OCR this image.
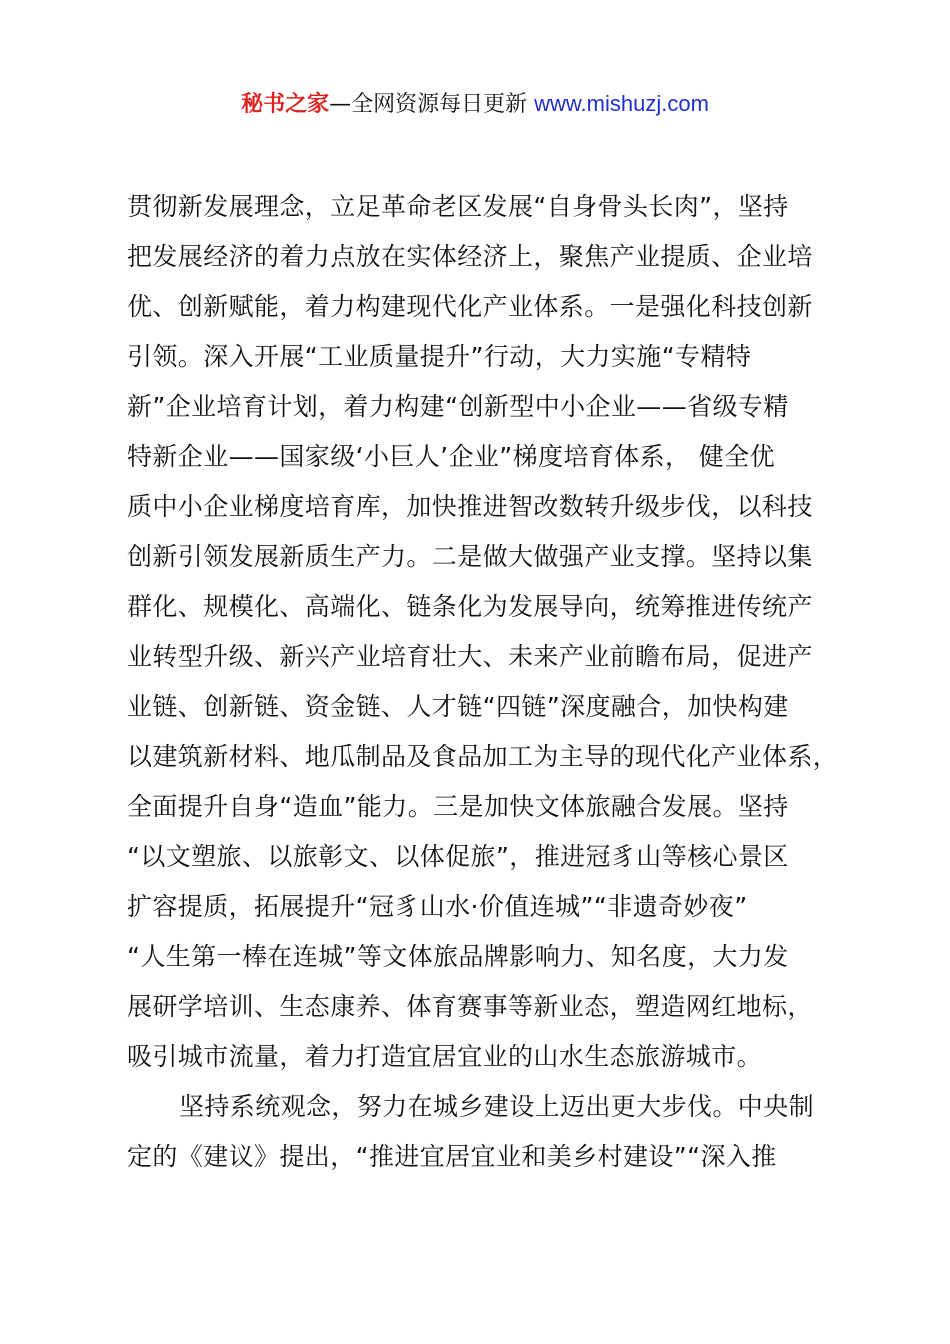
秘书之家—全网资源每日更新 www.mishuzj.com
贯彻新发展理念，立足革命老区发展“自身骨头长肉”，坚持
把发展经济的着力点放在实体经济上，聚焦产业提质、企业培
优、创新赋能，着力构建现代化产业体系。一是强化科技创新
引领。深入开展“工业质量提升”行动，大力实施“专精特
新”企业培育计划，着力构建“创新型中小企业——省级专精
特新企业——国家级‘小巨人’企业”梯度培育体系， 健全优
质中小企业梯度培育库，加快推进智改数转升级步伐，以科技
创新引领发展新质生产力。二是做大做强产业支撑。坚持以集
群化、规模化、高端化、链条化为发展导向，统筹推进传统产
业转型升级、新兴产业培育壮大、未来产业前瞻布局，促进产
业链、创新链、资金链、人才链“四链”深度融合，加快构建
以建筑新材料、地瓜制品及食品加工为主导的现代化产业体系，
全面提升自身“造血”能力。三是加快文体旅融合发展。坚持
“以文塑旅、以旅彰文、以体促旅”，推进冠豸山等核心景区
扩容提质，拓展提升“冠豸山水·价值连城”“非遗奇妙夜”
“人生第一棒在连城”等文体旅品牌影响力、知名度，大力发
展研学培训、生态康养、体育赛事等新业态，塑造网红地标，
吸引城市流量，着力打造宜居宜业的山水生态旅游城市。
坚持系统观念，努力在城乡建设上迈出更大步伐。中央制
定的《建议》提出，“推进宜居宜业和美乡村建设”“深入推
